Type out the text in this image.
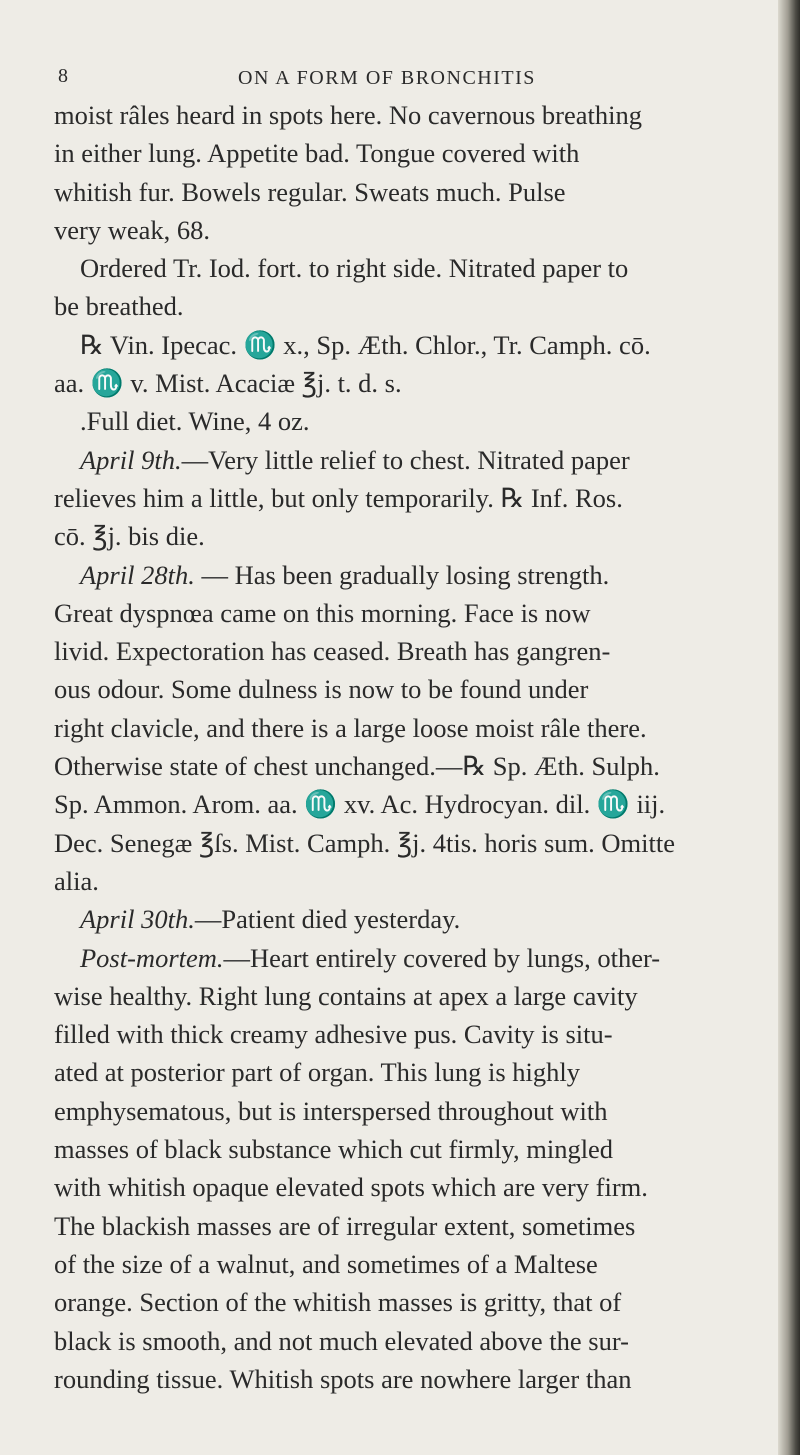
8	ON A FORM OF BRONCHITIS
moist râles heard in spots here. No cavernous breathing
in either lung. Appetite bad. Tongue covered with
whitish fur. Bowels regular. Sweats much. Pulse
very weak, 68.
Ordered Tr. Iod. fort. to right side. Nitrated paper to
be breathed.
℞ Vin. Ipecac. ♏ x., Sp. Æth. Chlor., Tr. Camph. cō.
aa. ♏ v. Mist. Acaciæ ℥j. t. d. s.
.Full diet. Wine, 4 oz.
April 9th.—Very little relief to chest. Nitrated paper
relieves him a little, but only temporarily. ℞ Inf. Ros.
cō. ℥j. bis die.
April 28th. — Has been gradually losing strength.
Great dyspnœa came on this morning. Face is now
livid. Expectoration has ceased. Breath has gangren-
ous odour. Some dulness is now to be found under
right clavicle, and there is a large loose moist râle there.
Otherwise state of chest unchanged.—℞ Sp. Æth. Sulph.
Sp. Ammon. Arom. aa. ♏ xv. Ac. Hydrocyan. dil. ♏ iij.
Dec. Senegæ ℥ſs. Mist. Camph. ℥j. 4tis. horis sum. Omitte
alia.
April 30th.—Patient died yesterday.
Post-mortem.—Heart entirely covered by lungs, other-
wise healthy. Right lung contains at apex a large cavity
filled with thick creamy adhesive pus. Cavity is situ-
ated at posterior part of organ. This lung is highly
emphysematous, but is interspersed throughout with
masses of black substance which cut firmly, mingled
with whitish opaque elevated spots which are very firm.
The blackish masses are of irregular extent, sometimes
of the size of a walnut, and sometimes of a Maltese
orange. Section of the whitish masses is gritty, that of
black is smooth, and not much elevated above the sur-
rounding tissue. Whitish spots are nowhere larger than
